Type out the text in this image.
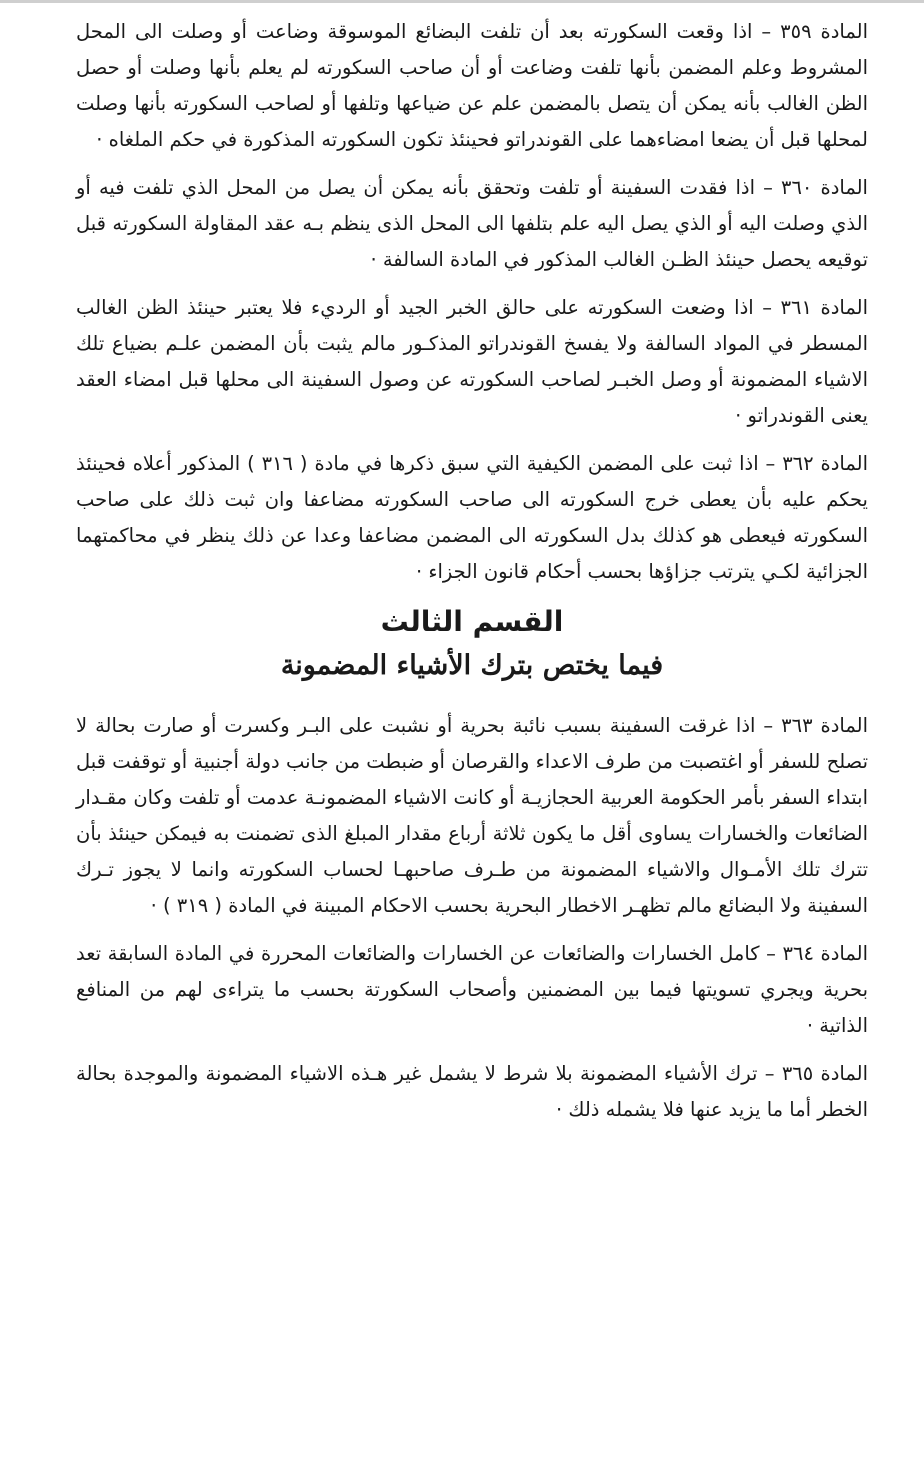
المادة ٣٥٩ – اذا وقعت السكورته بعد أن تلفت البضائع الموسوقة وضاعت أو وصلت الى المحل المشروط وعلم المضمن بأنها تلفت وضاعت أو أن صاحب السكورته لم يعلم بأنها وصلت أو حصل الظن الغالب بأنه يمكن أن يتصل بالمضمن علم عن ضياعها وتلفها أو لصاحب السكورته بأنها وصلت لمحلها قبل أن يضعا امضاءهما على القوندراتو فحينئذ تكون السكورته المذكورة في حكم الملغاه ·

المادة ٣٦٠ – اذا فقدت السفينة أو تلفت وتحقق بأنه يمكن أن يصل من المحل الذي تلفت فيه أو الذي وصلت اليه أو الذي يصل اليه علم بتلفها الى المحل الذى ينظم بـه عقد المقاولة السكورته قبل توقيعه يحصل حينئذ الظـن الغالب المذكور في المادة السالفة ·

المادة ٣٦١ – اذا وضعت السكورته على حالق الخبر الجيد أو الرديء فلا يعتبر حينئذ الظن الغالب المسطر في المواد السالفة ولا يفسخ القوندراتو المذكـور مالم يثبت بأن المضمن علـم بضياع تلك الاشياء المضمونة أو وصل الخبـر لصاحب السكورته عن وصول السفينة الى محلها قبل امضاء العقد يعنى القوندراتو ·

المادة ٣٦٢ – اذا ثبت على المضمن الكيفية التي سبق ذكرها في مادة ( ٣١٦ ) المذكور أعلاه فحينئذ يحكم عليه بأن يعطى خرج السكورته الى صاحب السكورته مضاعفا وان ثبت ذلك على صاحب السكورته فيعطى هو كذلك بدل السكورته الى المضمن مضاعفا وعدا عن ذلك ينظر في محاكمتهما الجزائية لكـي يترتب جزاؤها بحسب أحكام قانون الجزاء ·

القسم الثالث
فيما يختص بترك الأشياء المضمونة

المادة ٣٦٣ – اذا غرقت السفينة بسبب نائبة بحرية أو نشبت على البـر وكسرت أو صارت بحالة لا تصلح للسفر أو اغتصبت من طرف الاعداء والقرصان أو ضبطت من جانب دولة أجنبية أو توقفت قبل ابتداء السفر بأمر الحكومة العربية الحجازيـة أو كانت الاشياء المضمونـة عدمت أو تلفت وكان مقـدار الضائعات والخسارات يساوى أقل ما يكون ثلاثة أرباع مقدار المبلغ الذى تضمنت به فيمكن حينئذ بأن تترك تلك الأمـوال والاشياء المضمونة من طـرف صاحبهـا لحساب السكورته وانما لا يجوز تـرك السفينة ولا البضائع مالم تظهـر الاخطار البحرية بحسب الاحكام المبينة في المادة ( ٣١٩ ) ·

المادة ٣٦٤ – كامل الخسارات والضائعات عن الخسارات والضائعات المحررة في المادة السابقة تعد بحرية ويجري تسويتها فيما بين المضمنين وأصحاب السكورتة بحسب ما يتراءى لهم من المنافع الذاتية ·

المادة ٣٦٥ – ترك الأشياء المضمونة بلا شرط لا يشمل غير هـذه الاشياء المضمونة والموجدة بحالة الخطر أما ما يزيد عنها فلا يشمله ذلك ·
